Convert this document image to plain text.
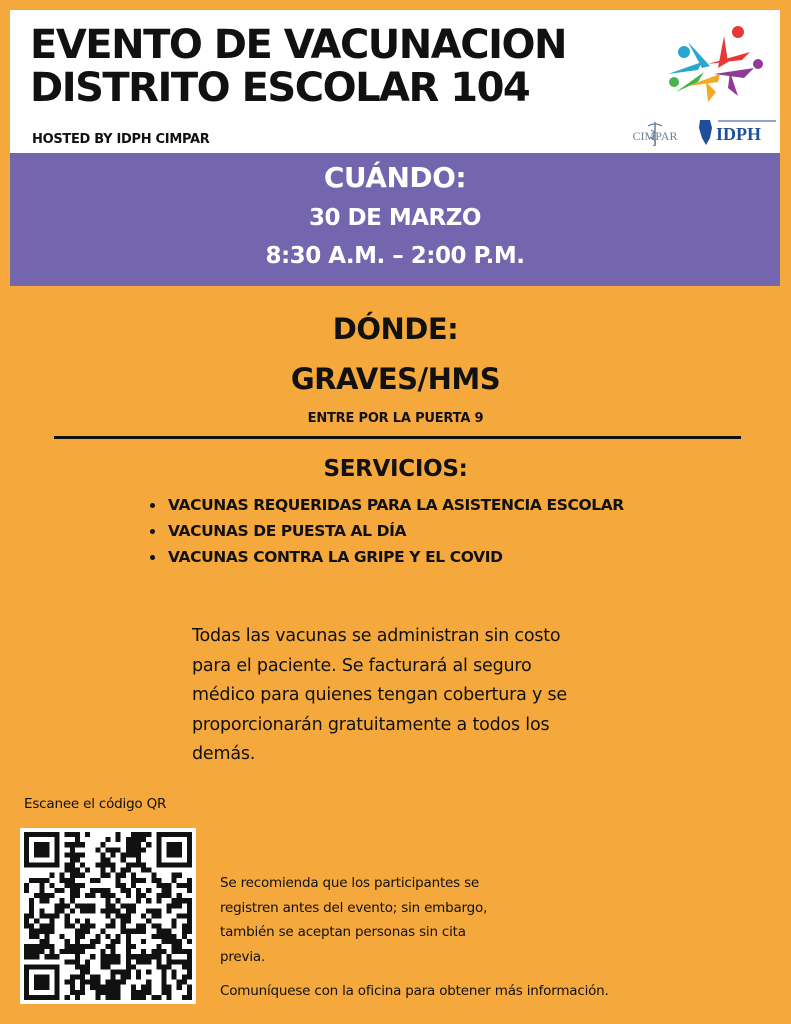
EVENTO DE VACUNACION
DISTRITO ESCOLAR 104
HOSTED BY IDPH CIMPAR	CIMPAR IDPH
CUÁNDO:
30 DE MARZO
8:30 A.M. – 2:00 P.M.
DÓNDE:
GRAVES/HMS
ENTRE POR LA PUERTA 9
SERVICIOS:
• VACUNAS REQUERIDAS PARA LA ASISTENCIA ESCOLAR
• VACUNAS DE PUESTA AL DÍA
• VACUNAS CONTRA LA GRIPE Y EL COVID

Todas las vacunas se administran sin costo
para el paciente. Se facturará al seguro
médico para quienes tengan cobertura y se
proporcionarán gratuitamente a todos los
demás.

Escanee el código QR

Se recomienda que los participantes se
registren antes del evento; sin embargo,
también se aceptan personas sin cita
previa.

Comuníquese con la oficina para obtener más información.
